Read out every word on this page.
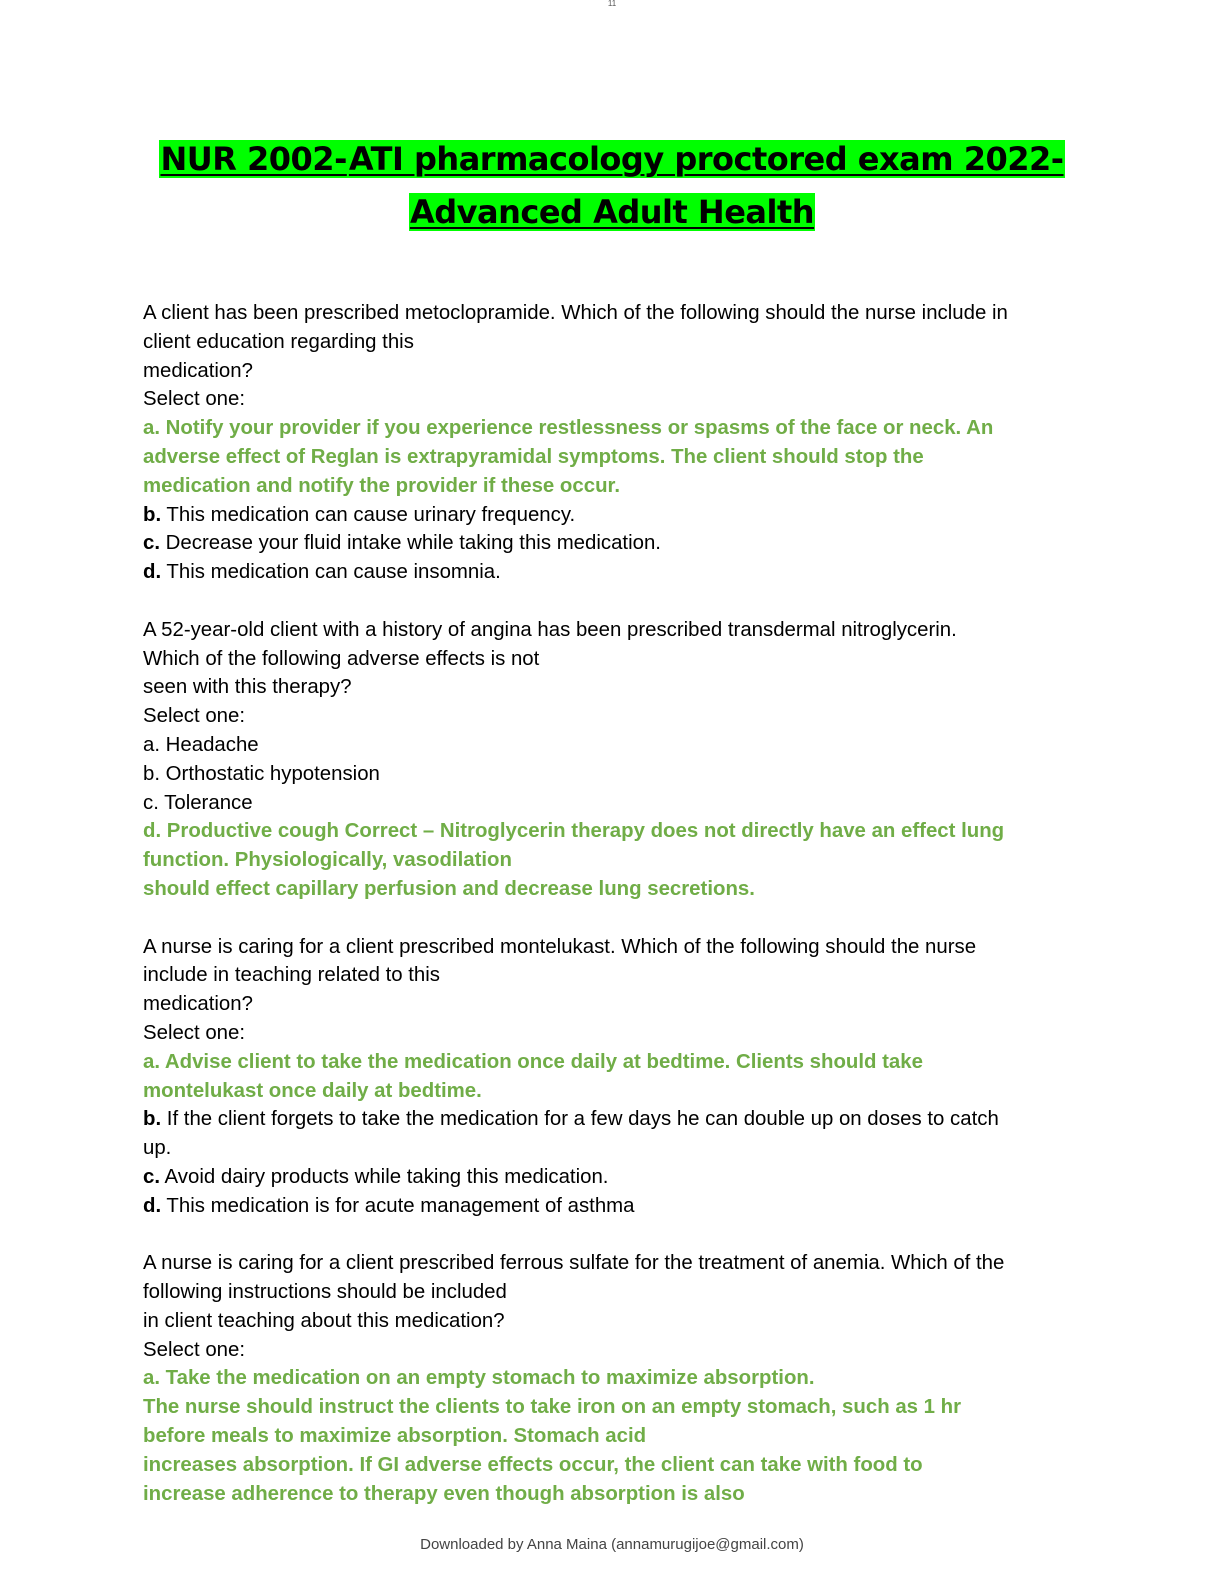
11
NUR 2002-ATI pharmacology proctored exam 2022-
Advanced Adult Health
A client has been prescribed metoclopramide. Which of the following should the nurse include in
client education regarding this
medication?
Select one:
a. Notify your provider if you experience restlessness or spasms of the face or neck. An
adverse effect of Reglan is extrapyramidal symptoms. The client should stop the
medication and notify the provider if these occur.
b. This medication can cause urinary frequency.
c. Decrease your fluid intake while taking this medication.
d. This medication can cause insomnia.
A 52-year-old client with a history of angina has been prescribed transdermal nitroglycerin.
Which of the following adverse effects is not
seen with this therapy?
Select one:
a. Headache
b. Orthostatic hypotension
c. Tolerance
d. Productive cough Correct – Nitroglycerin therapy does not directly have an effect lung
function. Physiologically, vasodilation
should effect capillary perfusion and decrease lung secretions.
A nurse is caring for a client prescribed montelukast. Which of the following should the nurse
include in teaching related to this
medication?
Select one:
a. Advise client to take the medication once daily at bedtime. Clients should take
montelukast once daily at bedtime.
b. If the client forgets to take the medication for a few days he can double up on doses to catch
up.
c. Avoid dairy products while taking this medication.
d. This medication is for acute management of asthma
A nurse is caring for a client prescribed ferrous sulfate for the treatment of anemia. Which of the
following instructions should be included
in client teaching about this medication?
Select one:
a. Take the medication on an empty stomach to maximize absorption.
The nurse should instruct the clients to take iron on an empty stomach, such as 1 hr
before meals to maximize absorption. Stomach acid
increases absorption. If GI adverse effects occur, the client can take with food to
increase adherence to therapy even though absorption is also
Downloaded by Anna Maina (annamurugijoe@gmail.com)
